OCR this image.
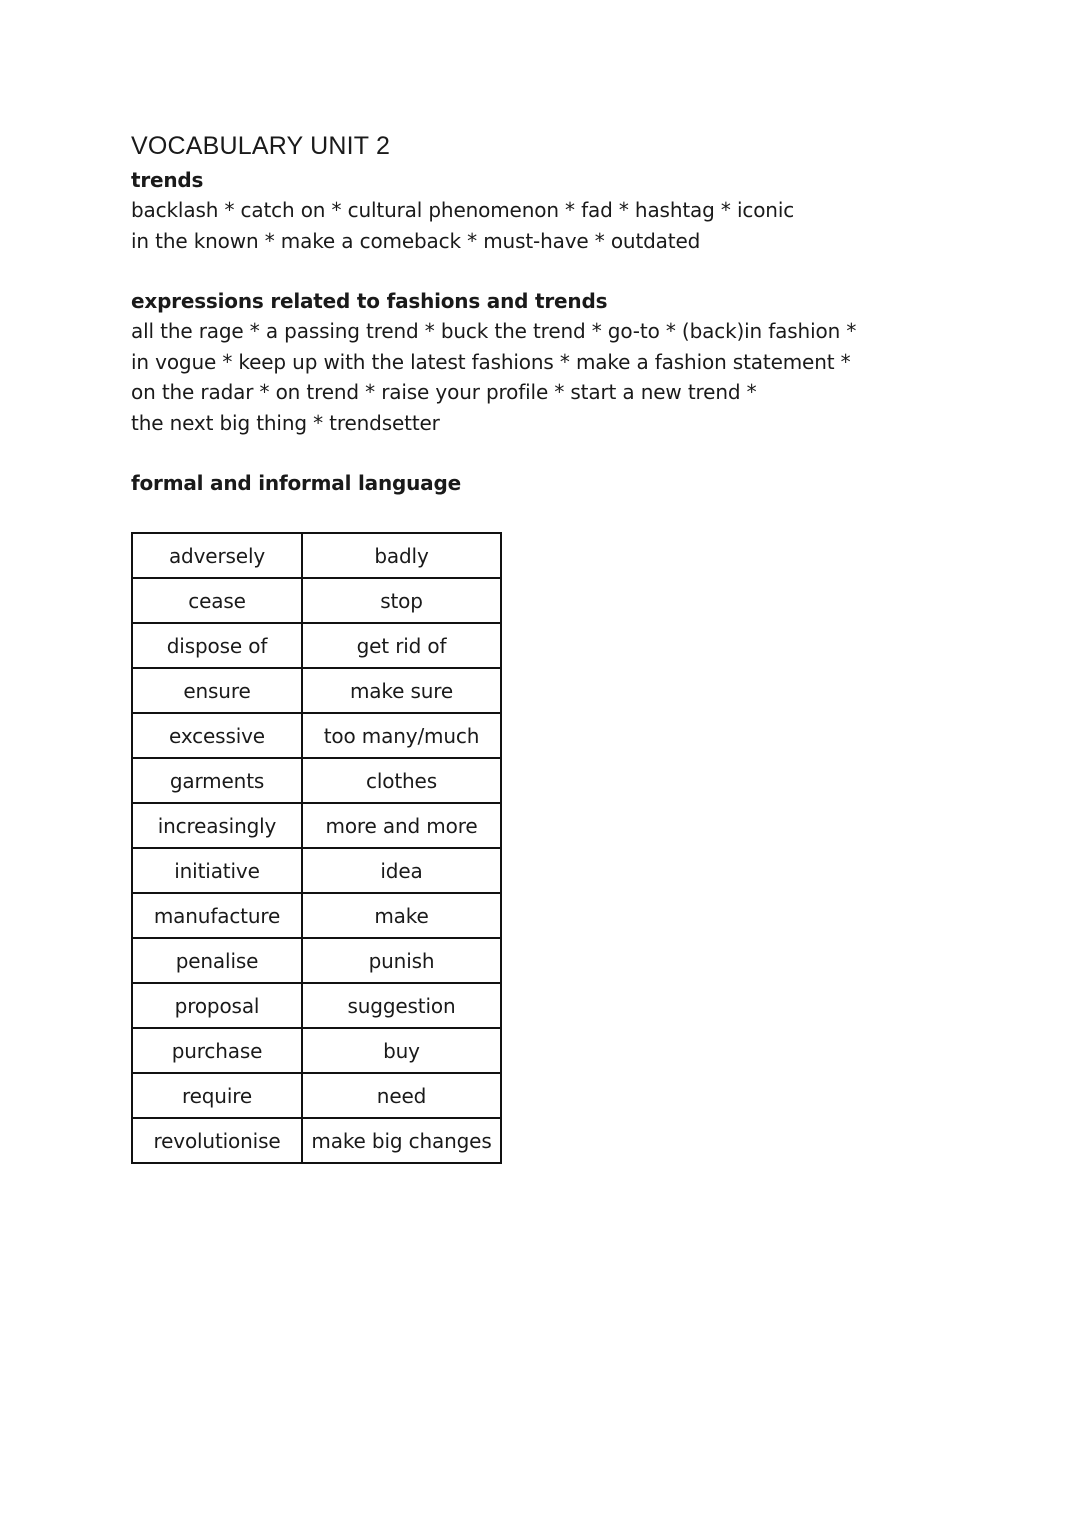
VOCABULARY UNIT 2

trends

backlash * catch on * cultural phenomenon * fad * hashtag * iconic

in the known * make a comeback * must-have * outdated

expressions related to fashions and trends

all the rage * a passing trend * buck the trend * go-to * (back)in fashion *

in vogue * keep up with the latest fashions * make a fashion statement *

on the radar * on trend * raise your profile * start a new trend *

the next big thing * trendsetter

formal and informal language

adversely	badly
cease	stop
dispose of	get rid of
ensure	make sure
excessive	too many/much
garments	clothes
increasingly	more and more
initiative	idea
manufacture	make
penalise	punish
proposal	suggestion
purchase	buy
require	need
revolutionise	make big changes
